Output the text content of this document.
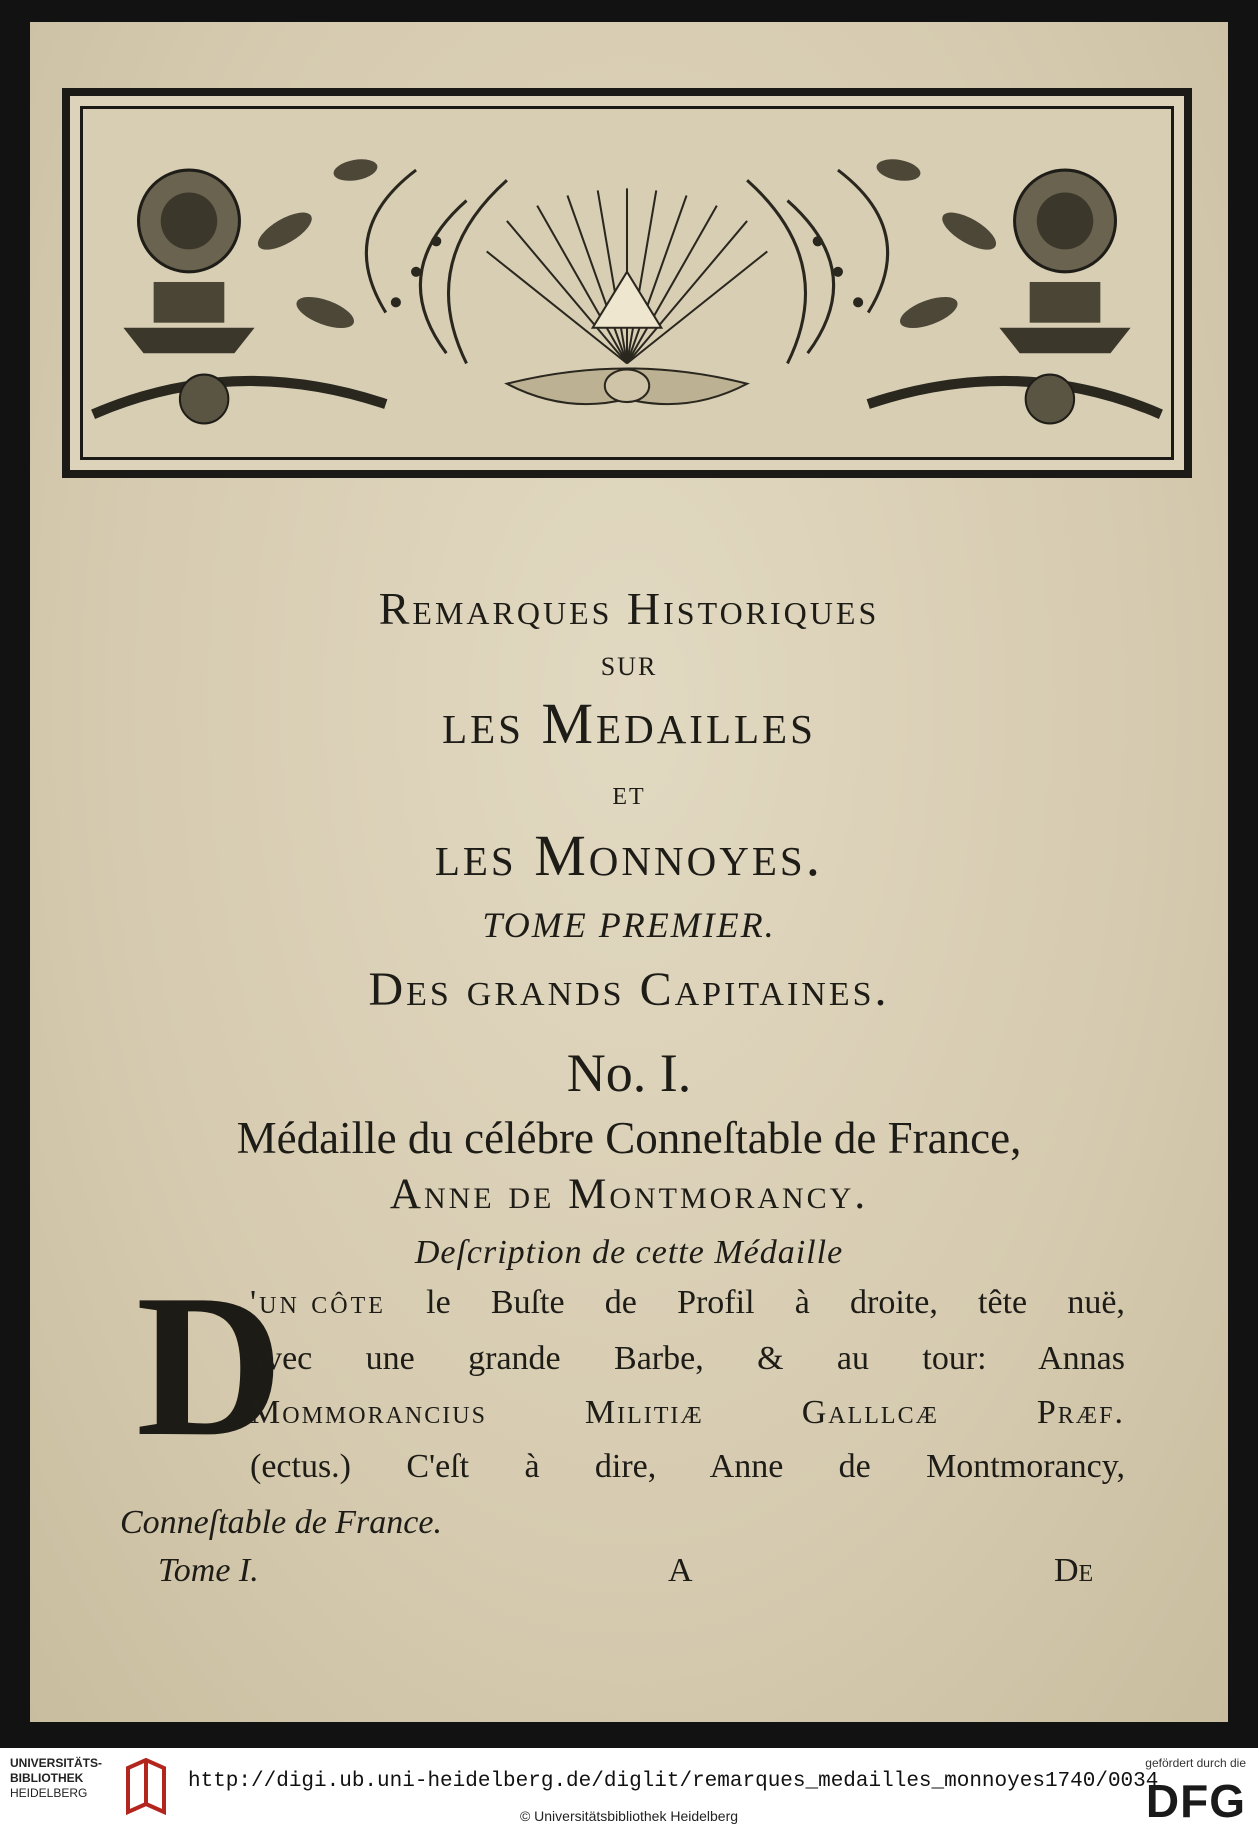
Remarques Historiques
SUR
les Medailles
ET
les Monnoyes.
TOME PREMIER.
Des grands Capitaines.
No. I.
Médaille du célébre Conneſtable de France,
Anne de Montmorancy.
Deſcription de cette Médaille
D
'un côte le Buſte de Profil à droite, tête nuë,
avec une grande Barbe, & au tour: Annas
Mommorancius Militiæ Galllcæ Præf.
(ectus.) C'eſt à dire, Anne de Montmorancy,
Conneſtable de France.
Tome I.	A	De
UNIVERSITÄTS-
BIBLIOTHEK
HEIDELBERG	http://digi.ub.uni-heidelberg.de/diglit/remarques_medailles_monnoyes1740/0034
© Universitätsbibliothek Heidelberg
gefördert durch die
DFG
